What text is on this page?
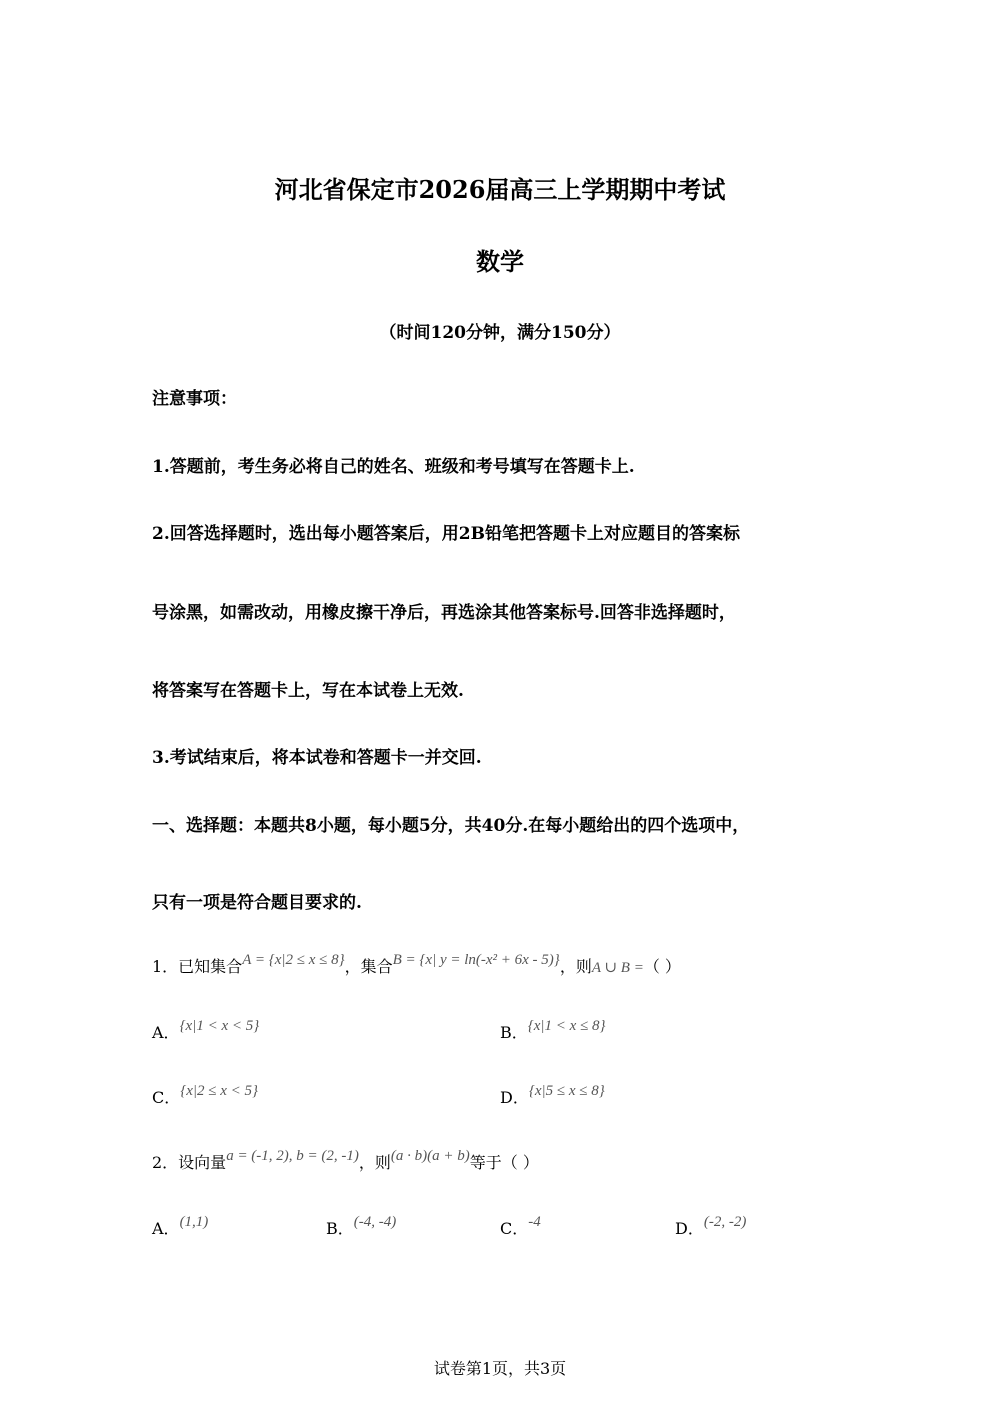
河北省保定市2026届高三上学期期中考试
数学
（时间120分钟，满分150分）
注意事项：
1.答题前，考生务必将自己的姓名、班级和考号填写在答题卡上.
2.回答选择题时，选出每小题答案后，用2B铅笔把答题卡上对应题目的答案标
号涂黑，如需改动，用橡皮擦干净后，再选涂其他答案标号.回答非选择题时，
将答案写在答题卡上，写在本试卷上无效.
3.考试结束后，将本试卷和答题卡一并交回.
一、选择题：本题共8小题，每小题5分，共40分.在每小题给出的四个选项中，
只有一项是符合题目要求的.
1．已知集合A = {x|2 ≤ x ≤ 8}，集合B = {x| y = ln(-x² + 6x - 5)}，则A ∪ B =（ ）
A．{x|1 < x < 5}	B．{x|1 < x ≤ 8}
C．{x|2 ≤ x < 5}	D．{x|5 ≤ x ≤ 8}
2．设向量a = (-1, 2), b = (2, -1)，则(a · b)(a + b)等于（ ）
A．(1,1)	B．(-4, -4)	C．-4	D．(-2, -2)
试卷第1页，共3页
